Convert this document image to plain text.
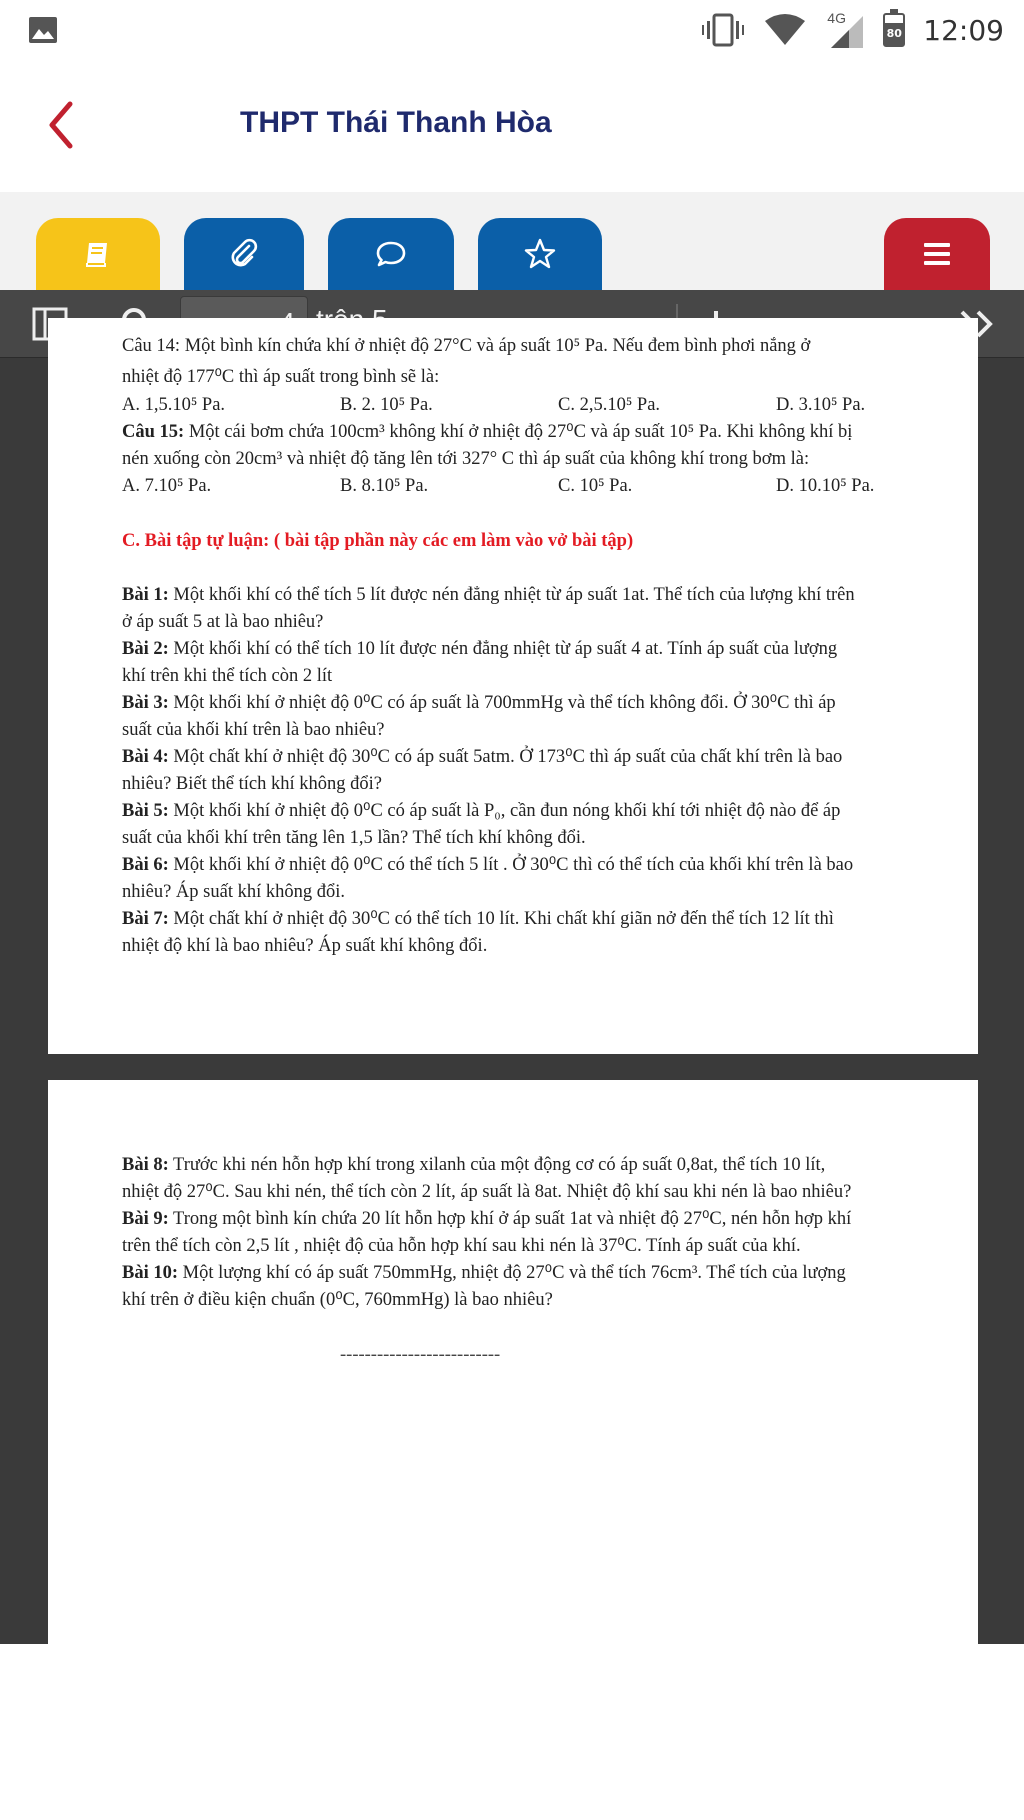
4G
80 12:09
THPT Thái Thanh Hòa
4
Câu 14: Một bình kín chứa khí ở nhiệt độ 27°C và áp suất 10⁵ Pa. Nếu đem bình phơi nắng ở
nhiệt độ 177⁰C thì áp suất trong bình sẽ là:
A. 1,5.10⁵ Pa.	B. 2. 10⁵ Pa.	C. 2,5.10⁵ Pa.	D. 3.10⁵ Pa.
Câu 15: Một cái bơm chứa 100cm³ không khí ở nhiệt độ 27⁰C và áp suất 10⁵ Pa. Khi không khí bị
nén xuống còn 20cm³ và nhiệt độ tăng lên tới 327° C thì áp suất của không khí trong bơm là:
A. 7.10⁵ Pa.	B. 8.10⁵ Pa.	C. 10⁵ Pa.	D. 10.10⁵ Pa.
C. Bài tập tự luận: ( bài tập phần này các em làm vào vở bài tập)
Bài 1: Một khối khí có thể tích 5 lít được nén đẳng nhiệt từ áp suất 1at. Thể tích của lượng khí trên
ở áp suất 5 at là bao nhiêu?
Bài 2: Một khối khí có thể tích 10 lít được nén đẳng nhiệt từ áp suất 4 at. Tính áp suất của lượng
khí trên khi thể tích còn 2 lít
Bài 3: Một khối khí ở nhiệt độ 0⁰C có áp suất là 700mmHg và thể tích không đổi. Ở 30⁰C thì áp
suất của khối khí trên là bao nhiêu?
Bài 4: Một chất khí ở nhiệt độ 30⁰C có áp suất 5atm. Ở 173⁰C thì áp suất của chất khí trên là bao
nhiêu? Biết thể tích khí không đổi?
Bài 5: Một khối khí ở nhiệt độ 0⁰C có áp suất là P₀, cần đun nóng khối khí tới nhiệt độ nào để áp
suất của khối khí trên tăng lên 1,5 lần? Thể tích khí không đổi.
Bài 6: Một khối khí ở nhiệt độ 0⁰C có thể tích 5 lít . Ở 30⁰C thì có thể tích của khối khí trên là bao
nhiêu? Áp suất khí không đổi.
Bài 7: Một chất khí ở nhiệt độ 30⁰C có thể tích 10 lít. Khi chất khí giãn nở đến thể tích 12 lít thì
nhiệt độ khí là bao nhiêu? Áp suất khí không đổi.
Bài 8: Trước khi nén hỗn hợp khí trong xilanh của một động cơ có áp suất 0,8at, thể tích 10 lít,
nhiệt độ 27⁰C. Sau khi nén, thể tích còn 2 lít, áp suất là 8at. Nhiệt độ khí sau khi nén là bao nhiêu?
Bài 9: Trong một bình kín chứa 20 lít hỗn hợp khí ở áp suất 1at và nhiệt độ 27⁰C, nén hỗn hợp khí
trên thể tích còn 2,5 lít , nhiệt độ của hỗn hợp khí sau khi nén là 37⁰C. Tính áp suất của khí.
Bài 10: Một lượng khí có áp suất 750mmHg, nhiệt độ 27⁰C và thể tích 76cm³. Thể tích của lượng
khí trên ở điều kiện chuẩn (0⁰C, 760mmHg) là bao nhiêu?
--------------------------
